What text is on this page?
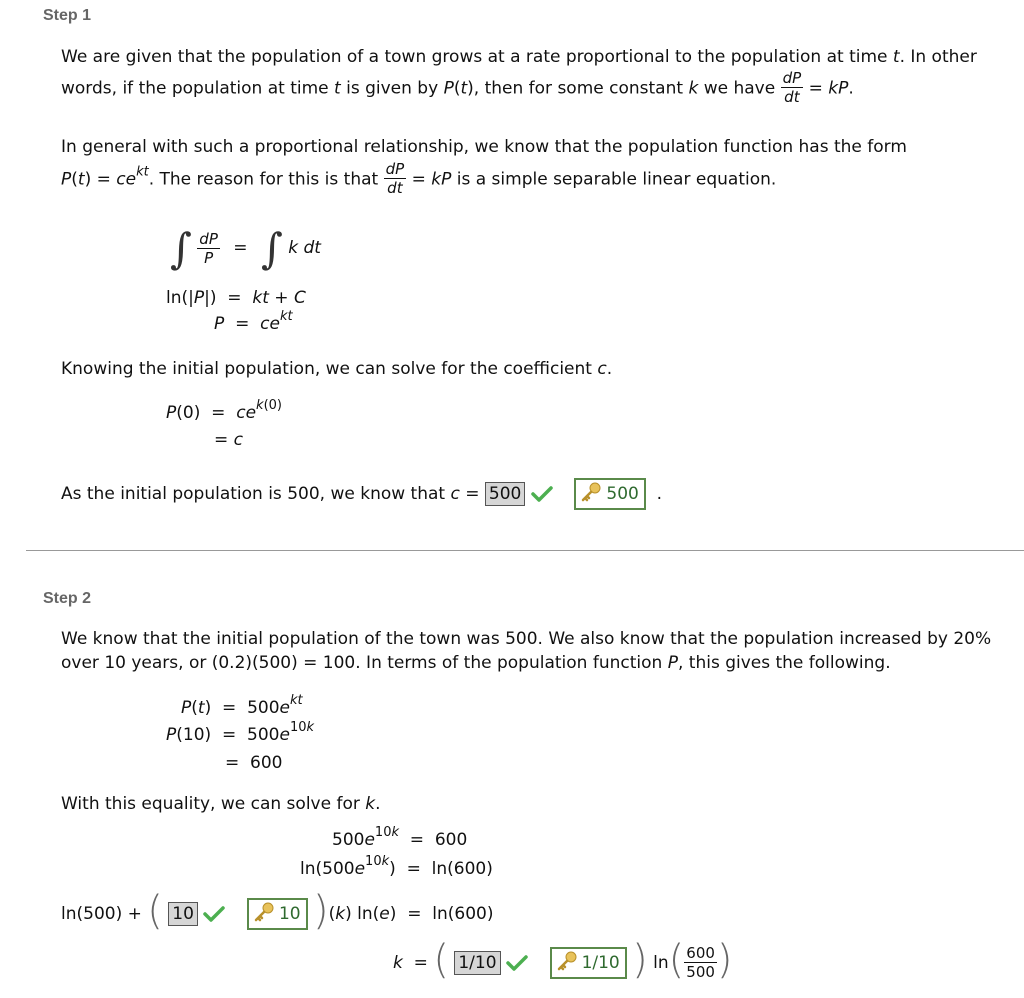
Step 1
We are given that the population of a town grows at a rate proportional to the population at time t. In other
words, if the population at time t is given by P(t), then for some constant k we have $\frac{dP}{dt}$ = kP.
In general with such a proportional relationship, we know that the population function has the form
$P(t) = ce^{kt}$. The reason for this is that $\frac{dP}{dt}$ = kP is a simple separable linear equation.
∫ $\frac{dP}{P}$ = ∫ k dt
ln(|P|)  =  kt + C
$P = ce^{kt}$
Knowing the initial population, we can solve for the coefficient c.
$P(0) = ce^{k(0)}$
= c
As the initial population is 500, we know that c = 500	500  .
Step 2
We know that the initial population of the town was 500. We also know that the population increased by 20%
over 10 years, or (0.2)(500) = 100. In terms of the population function P, this gives the following.
$P(t) = 500e^{kt}$
$P(10) = 500e^{10k}$
=  600
With this equality, we can solve for k.
$500e^{10k} = 600$
$\ln(500e^{10k}) = \ln(600)$
ln(500) + ( 10	10 )(k) ln(e)  =  ln(600)
k  = ( 1/10	1/10 ) $\ln( \frac{600}{500}$ )
